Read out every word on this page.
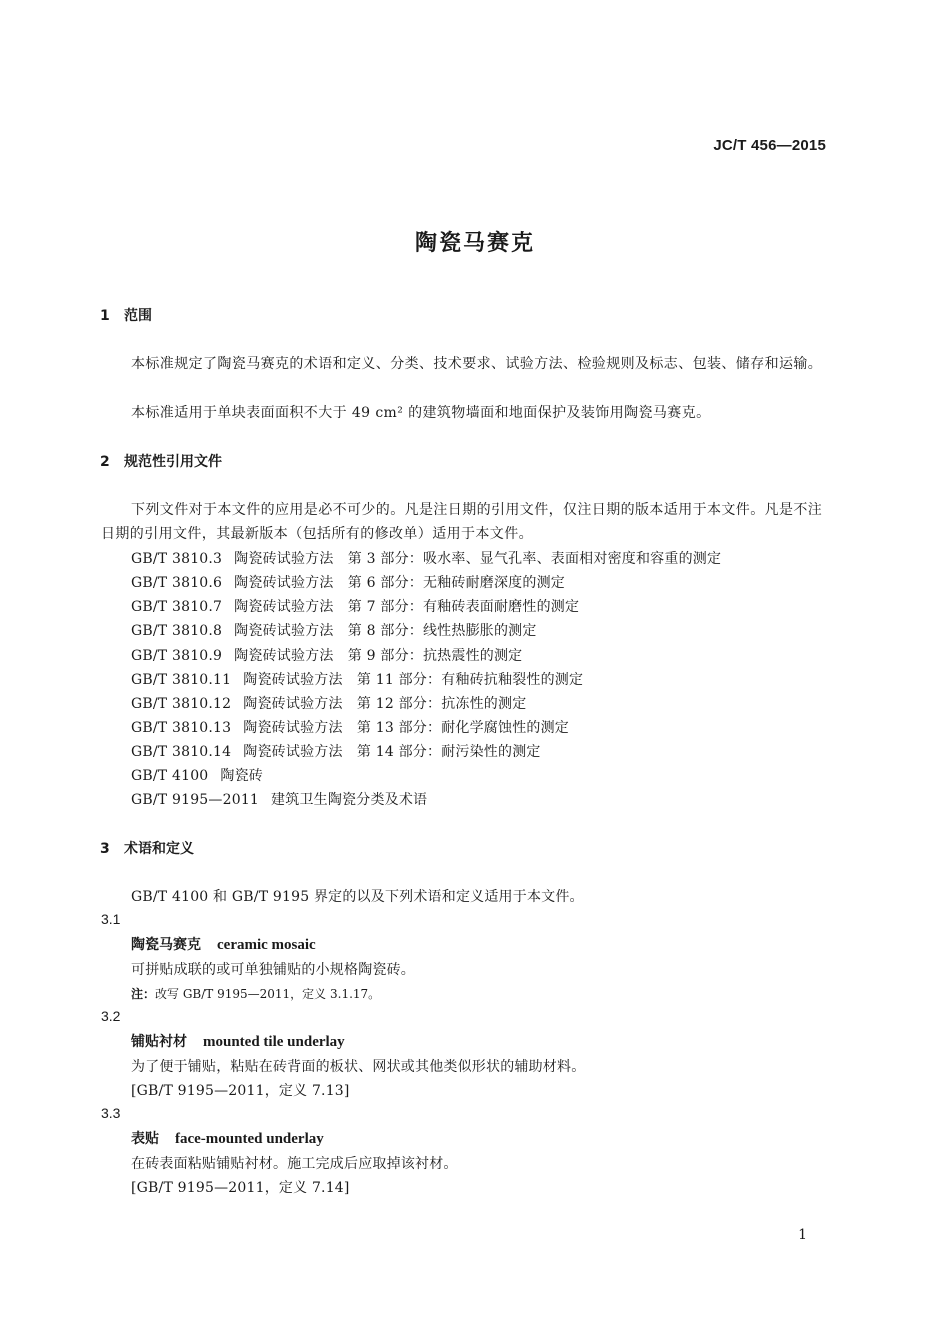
JC/T 456—2015
陶瓷马赛克
1 范围
本标准规定了陶瓷马赛克的术语和定义、分类、技术要求、试验方法、检验规则及标志、包装、储存和运输。
本标准适用于单块表面面积不大于 49 cm² 的建筑物墙面和地面保护及装饰用陶瓷马赛克。
2 规范性引用文件
下列文件对于本文件的应用是必不可少的。凡是注日期的引用文件，仅注日期的版本适用于本文件。凡是不注日期的引用文件，其最新版本（包括所有的修改单）适用于本文件。
GB/T 3810.3 陶瓷砖试验方法　第 3 部分：吸水率、显气孔率、表面相对密度和容重的测定
GB/T 3810.6 陶瓷砖试验方法　第 6 部分：无釉砖耐磨深度的测定
GB/T 3810.7 陶瓷砖试验方法　第 7 部分：有釉砖表面耐磨性的测定
GB/T 3810.8 陶瓷砖试验方法　第 8 部分：线性热膨胀的测定
GB/T 3810.9 陶瓷砖试验方法　第 9 部分：抗热震性的测定
GB/T 3810.11 陶瓷砖试验方法　第 11 部分：有釉砖抗釉裂性的测定
GB/T 3810.12 陶瓷砖试验方法　第 12 部分：抗冻性的测定
GB/T 3810.13 陶瓷砖试验方法　第 13 部分：耐化学腐蚀性的测定
GB/T 3810.14 陶瓷砖试验方法　第 14 部分：耐污染性的测定
GB/T 4100 陶瓷砖
GB/T 9195—2011 建筑卫生陶瓷分类及术语
3 术语和定义
GB/T 4100 和 GB/T 9195 界定的以及下列术语和定义适用于本文件。
3.1
陶瓷马赛克 ceramic mosaic
可拼贴成联的或可单独铺贴的小规格陶瓷砖。
注：改写 GB/T 9195—2011，定义 3.1.17。
3.2
铺贴衬材 mounted tile underlay
为了便于铺贴，粘贴在砖背面的板状、网状或其他类似形状的辅助材料。
[GB/T 9195—2011，定义 7.13]
3.3
表贴 face-mounted underlay
在砖表面粘贴铺贴衬材。施工完成后应取掉该衬材。
[GB/T 9195—2011，定义 7.14]
1
